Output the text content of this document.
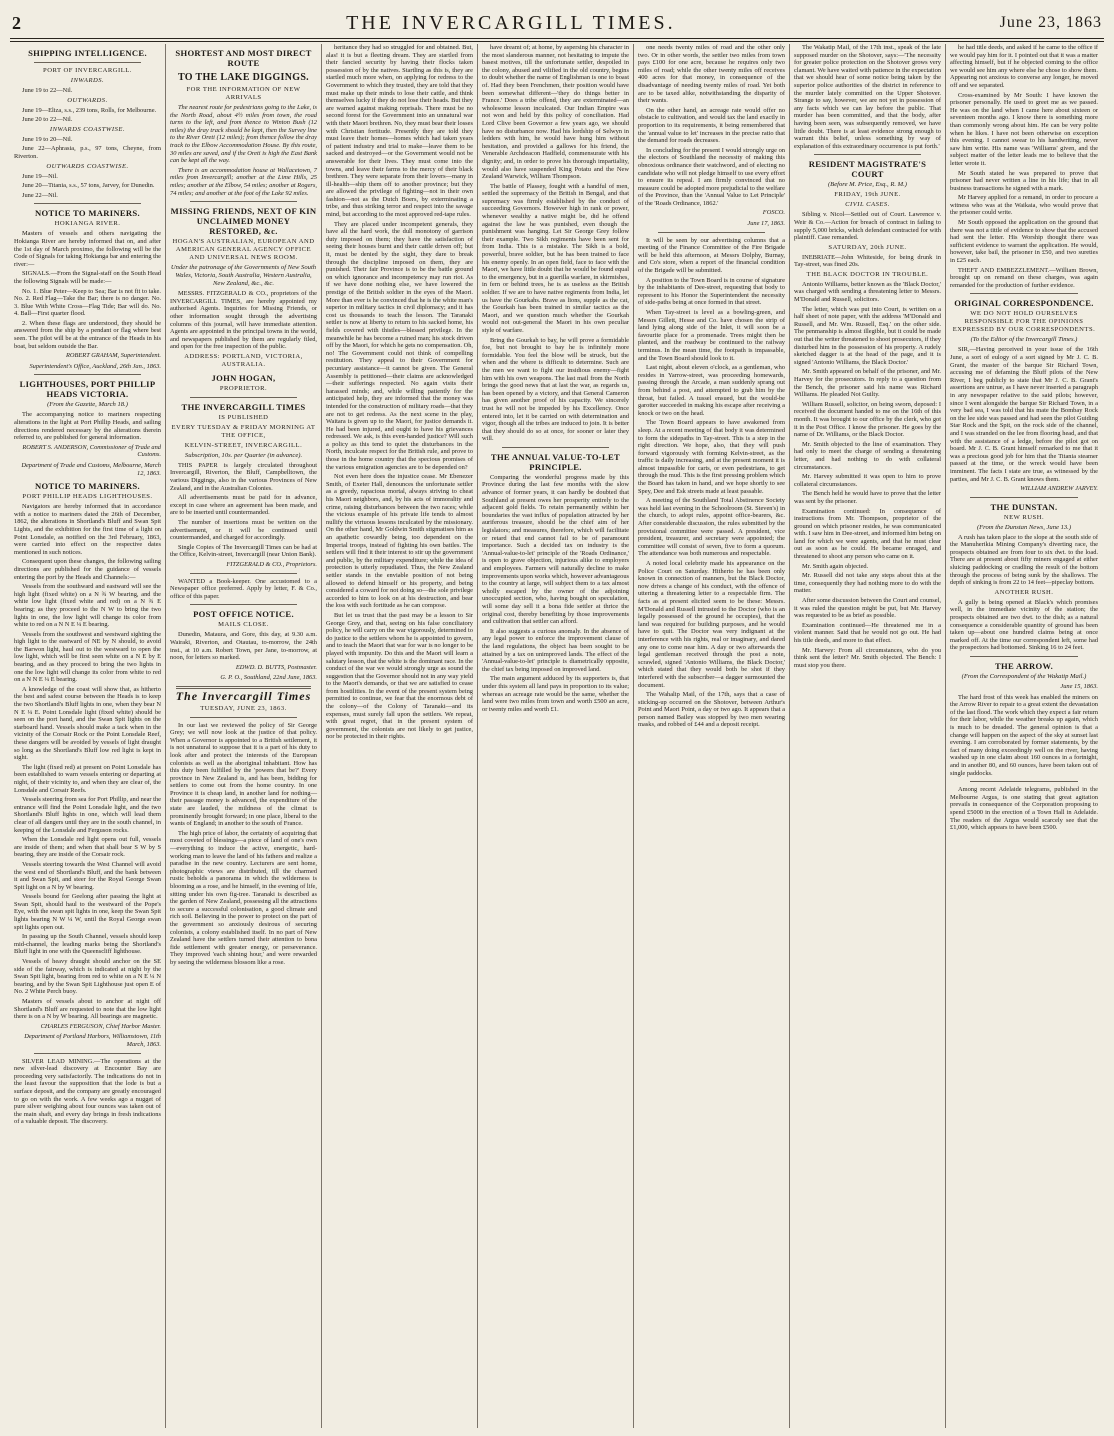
2	THE INVERCARGILL TIMES.	June 23, 1863
SHIPPING INTELLIGENCE.
PORT OF INVERCARGILL.
INWARDS.

June 19 to 22—Nil.

OUTWARDS.

June 19—Eliza, s.s., 239 tons, Rolls, for Melbourne.

June 20 to 22—Nil.

INWARDS COASTWISE.

June 19 to 20—Nil.

June 22—Aphrasia, p.s., 97 tons, Cheyne, from Riverton.

OUTWARDS COASTWISE.

June 19—Nil.

June 20—Titania, s.s., 57 tons, Jarvey, for Dunedin.

June 22—Nil.

NOTICE TO MARINERS.
HOKIANGA RIVER.

Masters of vessels and others navigating the Hokianga River are hereby informed that on, and after the 1st day of March proximo, the following will be the Code of Signals for taking Hokianga bar and entering the river:—

SIGNALS.—From the Signal-staff on the South Head the following Signals will be made:—

No. 1. Blue Peter—Keep to Sea; Bar is not fit to take. No. 2. Red Flag—Take the Bar; there is no danger. No. 3. Blue With White Cross—Flag Tide; Bar will do. No. 4. Ball—First quarter flood.

2. When these flags are understood, they should be answered from the ship by a pendant or flag where best seen. The pilot will be at the entrance of the Heads in his boat, but seldom outside the Bar.

ROBERT GRAHAM, Superintendent.
Superintendent's Office, Auckland, 26th Jan., 1863.
LIGHTHOUSES, PORT PHILLIP HEADS VICTORIA.
(From the Gazette, March 18.)

The accompanying notice to mariners respecting alterations in the light at Port Phillip Heads, and sailing directions rendered necessary by the alterations therein referred to, are published for general information.

ROBERT S. ANDERSON, Commissioner of Trade and Customs.
Department of Trade and Customs, Melbourne, March 12, 1863.
NOTICE TO MARINERS.
PORT PHILLIP HEADS LIGHTHOUSES.

Navigators are hereby informed that in accordance with a notice to mariners dated the 26th of December, 1862, the alterations in Shortland's Bluff and Swan Spit Lights, and the exhibition for the first time of a light on Point Lonsdale, as notified on the 3rd February, 1863, were carried into effect on the respective dates mentioned in such notices.

Consequent upon these changes, the following sailing directions are published for the guidance of vessels entering the port by the Heads and Channels:—

Vessels from the southward and eastward will see the high light (fixed white) on a N ¾ W bearing, and the white low light (fixed white and red) on a N ¾ E bearing; as they proceed to the N W to bring the two lights in one, the low light will change its color from white to red on a N N E ¼ E bearing.

Vessels from the southwest and westward sighting the high light to the eastward of NE by N should, to avoid the Barwon light, haul out to the westward to open the low light, which will be first seen white on a N E by E bearing, and as they proceed to bring the two lights in one the low light will change its color from white to red on a N N E ¼ E bearing.

A knowledge of the coast will show that, as hitherto the best and safest course between the Heads is to keep the two Shortland's Bluff lights in one, when they bear N N E ¼ E. Point Lonsdale light (fixed white) should be seen on the port hand, and the Swan Spit lights on the starboard hand. Vessels should make a tack when in the vicinity of the Corsair Rock or the Point Lonsdale Reef, these dangers will be avoided by vessels of light draught so long as the Shortland's Bluff low red light is kept in sight.

The light (fixed red) at present on Point Lonsdale has been established to warn vessels entering or departing at night, of their vicinity to, and when they are clear of, the Lonsdale and Corsair Reefs.

Vessels steering from sea for Port Phillip, and near the entrance will find the Point Lonsdale light, and the two Shortland's Bluff lights in one, which will lead them clear of all dangers until they are in the south channel, in keeping of the Lonsdale and Ferguson rocks.

When the Lonsdale red light opens out full, vessels are inside of them; and when that shall bear S W by S bearing, they are inside of the Corsair rock.

Vessels steering towards the West Channel will avoid the west end of Shortland's Bluff, and the bank between it and Swan Spit, and steer for the Royal George Swan Spit light on a N by W bearing.

Vessels bound for Geelong after passing the light at Swan Spit, should haul to the westward of the Pope's Eye, with the swan spit lights in one, keep the Swan Spit lights bearing N W ¼ W, until the Royal George swan spit lights open out.

In passing up the South Channel, vessels should keep mid-channel, the leading marks being the Shortland's Bluff light in one with the Queenscliff lighthouse.

Vessels of heavy draught should anchor on the SE side of the fairway, which is indicated at night by the Swan Spit light, bearing from red to white on a N E ¼ N bearing, and by the Swan Spit Lighthouse just open E of No. 2 White Perch buoy.

Masters of vessels about to anchor at night off Shortland's Bluff are requested to note that the low light there is on a N by W bearing. All bearings are magnetic.

CHARLES FERGUSON, Chief Harbor Master.
Department of Portland Harbors, Williamstown, 11th March, 1863.

SILVER LEAD MINING.—The operations at the new silver-lead discovery at Encounter Bay are proceeding very satisfactorily. The indications do not in the least favour the supposition that the lode is but a surface deposit, and the company are greatly encouraged to go on with the work. A few weeks ago a nugget of pure silver weighing about four ounces was taken out of the main shaft, and every day brings in fresh indications of a valuable deposit. The discovery.

SHORTEST AND MOST DIRECT ROUTE
TO THE LAKE DIGGINGS.
FOR THE INFORMATION OF NEW ARRIVALS

The nearest route for pedestrians going to the Lake, is the North Road, about 4½ miles from town, the road turns to the left, and from thence to Winton Bush (12 miles) the dray track should be kept, then the Survey line to the River Oreti (12 miles); from thence follow the dray track to the Elbow Accommodation House. By this route, 30 miles are saved, and if the Oreti is high the East Bank can be kept all the way.

There is an accommodation house at Wallacetown, 7 miles from Invercargill; another at the Lime Hills, 25 miles; another at the Elbow, 54 miles; another at Rogers, 74 miles; and another at the foot of the Lake 92 miles.

MISSING FRIENDS, NEXT OF KIN UNCLAIMED MONEY RESTORED, &c.
HOGAN'S AUSTRALIAN, EUROPEAN AND AMERICAN GENERAL AGENCY OFFICE AND UNIVERSAL NEWS ROOM.
Under the patronage of the Governments of New South Wales, Victoria, South Australia, Western Australia, New Zealand, &c., &c.

MESSRS. FITZGERALD & CO., proprietors of the INVERCARGILL TIMES, are hereby appointed my authorised Agents. Inquiries for Missing Friends, or other information sought through the advertising columns of this journal, will have immediate attention. Agents are appointed in the principal towns in the world, and newspapers published by them are regularly filed, and open for the free inspection of the public.

ADDRESS: PORTLAND, VICTORIA, AUSTRALIA.
JOHN HOGAN,
PROPRIETOR.
THE INVERCARGILL TIMES
IS PUBLISHED
EVERY TUESDAY & FRIDAY MORNING AT THE OFFICE,
KELVIN-STREET, INVERCARGILL.
Subscription, 10s. per Quarter (in advance).

THIS PAPER is largely circulated throughout Invercargill, Riverton, the Bluff, Campbelltown, the various Diggings, also in the various Provinces of New Zealand, and in the Australian Colonies.

All advertisements must be paid for in advance, except in case where an agreement has been made, and are to be inserted until countermanded.

The number of insertions must be written on the advertisement, or it will be continued until countermanded, and charged for accordingly.

Single Copies of The Invercargill Times can be had at the Office, Kelvin-street, Invercargill (near Union Bank).

FITZGERALD & CO., Proprietors.

WANTED a Book-keeper. One accustomed to a Newspaper office preferred. Apply by letter, F. & Co., office of this paper.

POST OFFICE NOTICE.
MAILS CLOSE.

Dunedin, Mataura, and Gore, this day, at 9.30 a.m. Wairaki, Riverton, and Otautau, to-morrow, the 24th inst., at 10 a.m. Robert Town, per Jane, to-morrow, at noon, for letters so marked.

EDWD. D. BUTTS, Postmaster.
G. P. O., Southland, 22nd June, 1863.
The Invercargill Times
TUESDAY, JUNE 23, 1863.

In our last we reviewed the policy of Sir George Grey; we will now look at the justice of that policy. When a Governor is appointed to a British settlement, it is not unnatural to suppose that it is a part of his duty to look after and protect the interests of the European colonists as well as the aboriginal inhabitant. How has this duty been fulfilled by the 'powers that be?' Every province in New Zealand is, and has been, bidding for settlers to come out from the home country. In one Province it is cheap land, in another land for nothing—their passage money is advanced, the expenditure of the state are lauded, the mildness of the climat is prominently brought forward; in one place, liberal to the wants of England; in another to the south of France.

The high price of labor, the certainty of acquiring that most coveted of blessings—a piece of land of one's own—everything to induce the active, energetic, hard-working man to leave the land of his fathers and realize a paradise in the new country. Lecturers are sent home, photographic views are distributed, till the charmed rustic beholds a panorama in which the wilderness is blooming as a rose, and he himself, in the evening of life, sitting under his own fig-tree. Taranaki is described as the garden of New Zealand, possessing all the attractions to secure a successful colonisation, a good climate and rich soil. Believing in the power to protect on the part of the government so anxiously desirous of securing colonists, a colony established itself. In no part of New Zealand have the settlers turned their attention to bona fide settlement with greater energy, or perseverance. They improved 'each shining hour,' and were rewarded by seeing the wilderness blossom like a rose.

heritance they had so struggled for and obtained. But, alas! it is but a fleeting dream. They are startled from their fancied security by having their flocks taken possession of by the natives. Startling as this is, they are startled much more when, on applying for redress to the Government to which they trusted, they are told that they must make up their minds to lose their cattle, and think themselves lucky if they do not lose their heads. But they are warned against making reprisals. There must be no second forest for the Government into an unnatural war with their Maori brethren. No, they must bear their losses with Christian fortitude. Presently they are told they must leave their homes—homes which had taken years of patient industry and trial to make—leave them to be sacked and destroyed—or the Government would not be answerable for their lives. They must come into the towns, and leave their farms to the mercy of their black brethren. They were separate from their lovers—many in ill-health—ship them off to another province; but they are allowed the privilege of fighting—not in their own fashion—not as the Dutch Boers, by exterminating a tribe, and thus striking terror and respect into the savage mind, but according to the most approved red-tape rules.

They are placed under incompetent generals, they have all the hard work, the dull monotony of garrison duty imposed on them; they have the satisfaction of seeing their houses burnt and their cattle driven off; but it, must be denied by the sight, they dare to break through the discipline imposed on them, they are punished. Their fair Province is to be the battle ground on which ignorance and incompetency may run riot. As if we have done nothing else, we have lowered the prestige of the British soldier in the eyes of the Maori. More than ever is he convinced that he is the white man's superior in military tactics in civil diplomacy; and it has cost us thousands to teach the lesson. The Taranaki settler is now at liberty to return to his sacked home, his fields covered with thistles—blessed privilege. In the meanwhile he has become a ruined man; his stock driven off by the Maori, for which he gets no compensation. Oh, no! The Government could not think of compelling restitution. They appeal to their Government for pecuniary assistance—it cannot be given. The General Assembly is petitioned—their claims are acknowledged—their sufferings respected. No again visits their harassed minds; and, while willing patiently for the anticipated help, they are informed that the money was intended for the construction of military roads—that they are not to get redress. As the next scene in the play, Waitara is given up to the Maori, for justice demands it. He had been injured, and ought to have his grievances redressed. We ask, is this even-handed justice? Will such a policy as this tend to quiet the disturbances in the North, inculcate respect for the British rule, and prove to those in the home country that the specious promises of the various emigration agencies are to be depended on?

Not even here does the injustice cease. Mr Ebenezer Smith, of Exeter Hall, denounces the unfortunate settler as a greedy, rapacious mortal, always striving to cheat his Maori neighbors, and, by his acts of immorality and crime, raising disturbances between the two races; while the vicious example of his private life tends to almost nullify the virtuous lessons inculcated by the missionary. On the other hand, Mr Goldwin Smith stigmatises him as an apathetic cowardly being, too dependent on the Imperial troops, instead of fighting his own battles. The settlers will find it their interest to stir up the government and public, by the military expenditure; while the idea of protection is utterly repudiated. Thus, the New Zealand settler stands in the enviable position of not being allowed to defend himself or his property, and being considered a coward for not doing so—the sole privilege accorded to him to look on at his destruction, and bear the loss with such fortitude as he can compose.

But let us trust that the past may be a lesson to Sir George Grey, and that, seeing on his false conciliatory policy, he will carry on the war vigorously, determined to do justice to the settlers whom he is appointed to govern, and to teach the Maori that war for war is no longer to be played with impunity. Do this and the Maori will learn a salutary lesson, that the white is the dominant race. In the conduct of the war we would strongly urge as sound the suggestion that the Governor should not in any way yield to the Maori's demands, or that we are satisfied to cease from hostilities. In the event of the present system being permitted to continue, we fear that the enormous debt of the colony—of the Colony of Taranaki—and its expenses, must surely fall upon the settlers. We repeat, with great regret, that in the present system of government, the colonists are not likely to get justice, nor be protected in their rights.

have dreamt of; at home, by aspersing his character in the most slanderous manner, not hesitating to impute the basest motives, till the unfortunate settler, despoiled in the colony, abused and vilified in the old country, begins to doubt whether the name of Englishman is one to boast of. Had they been Frenchmen, their position would have been somewhat different—'they do things better in France.' Does a tribe offend, they are exterminated—an wholesome lesson inculcated. Our Indian Empire was not won and held by this policy of conciliation. Had Lord Clive been Governor a few years ago, we should have no disturbance now. Had his lordship of Selwyn in ledders with him, he would have hung him without hesitation, and provided a gallows for his friend, the Venerable Archdeacon Hadfield, commensurate with his dignity; and, in order to prove his thorough impartiality, would also have suspended King Potatu and the New Zealand Warwick, William Thompson.

The battle of Plassey, fought with a handful of men, settled the supremacy of the British in Bengal, and that supremacy was firmly established by the conduct of succeeding Governors. However high in rank or power, whenever wealthy a native might be, did he offend against the law he was punished, even though the punishment was hanging. Let Sir George Grey follow their example. Two Sikh regiments have been sent for from India. This is a mistake. The Sikh is a bold, powerful, brave soldier, but he has been trained to face his enemy openly. In an open field, face to face with the Maori, we have little doubt that he would be found equal to the emergency, but in a guerilla warfare, in skirmishes, in fern or behind trees, he is as useless as the British soldier. If we are to have native regiments from India, let us have the Gourkahs. Brave as lions, supple as the cat, the Gourkah has been trained in similar tactics as the Maori, and we question much whether the Gourkah would not out-general the Maori in his own peculiar style of warfare.

Bring the Gourkah to bay, he will prove a formidable foe, but not brought to bay he is infinitely more formidable. You feel the blow will be struck, but the when and the where is difficult to determine. Such are the men we want to fight our insidious enemy—fight him with his own weapons. The last mail from the North brings the good news that at last the war, as regards us, has been opened by a victory, and that General Cameron has given another proof of his capacity. We sincerely trust he will not be impeded by his Excellency. Once entered into, let it be carried on with determination and vigor, though all the tribes are induced to join. It is better that they should do so at once, for sooner or later they will.

THE ANNUAL VALUE-TO-LET PRINCIPLE.

Comparing the wonderful progress made by this Province during the last few months with the slow advance of former years, it can hardly be doubted that Southland at present owes her prosperity entirely to the adjacent gold fields. To retain permanently within her boundaries the vast influx of population attracted by her auriferous treasure, should be the chief aim of her legislators; and measures, therefore, which will facilitate or retard that end cannot fail to be of paramount importance. Such a decided tax on industry is the 'Annual-value-to-let' principle of the 'Roads Ordinance,' is open to grave objection, injurious alike to employers and employees. Farmers will naturally decline to make improvements upon works which, however advantageous to the country at large, will subject them to a tax almost wholly escaped by the owner of the adjoining unoccupied section, who, having bought on speculation, will some day sell it a bona fide settler at thrice the original cost, thereby benefiting by those improvements and cultivation that settler can afford.

It also suggests a curious anomaly. In the absence of any legal power to enforce the improvement clause of the land regulations, the object has been sought to be attained by a tax on unimproved lands. The effect of the 'Annual-value-to-let' principle is diametrically opposite, the chief tax being imposed on improved land.

The main argument adduced by its supporters is, that under this system all land pays in proportion to its value; whereas an acreage rate would be the same, whether the land were two miles from town and worth £500 an acre, or twenty miles and worth £1.

one needs twenty miles of road and the other only two. Or in other words, the settler two miles from town pays £100 for one acre, because he requires only two miles of road; while the other twenty miles off receives 400 acres for that money, in consequence of the disadvantage of needing twenty miles of road. Yet both are to be taxed alike, notwithstanding the disparity of their wants.

On the other hand, an acreage rate would offer no obstacle to cultivation, and would tax the land exactly in proportion to its requirements, it being remembered that the 'annual value to let' increases in the precise ratio that the demand for roads decreases.

In concluding for the present I would strongly urge on the electors of Southland the necessity of making this obnoxious ordinance their watchword, and of electing no candidate who will not pledge himself to use every effort to ensure its repeal. I am firmly convinced that no measure could be adopted more prejudicial to the welfare of the Province, than the 'Annual Value to Let Principle' of the 'Roads Ordinance, 1862.'

FOSCO.
June 17, 1863.

It will be seen by our advertising columns that a meeting of the Finance Committee of the Fire Brigade will be held this afternoon, at Messrs Dolphy, Burnay, and Co's store, when a report of the financial condition of the Brigade will be submitted.

A position to the Town Board is in course of signature by the inhabitants of Dee-street, requesting that body to represent to his Honor the Superintendent the necessity of side-paths being at once formed in that street.

When Tay-street is level as a bowling-green, and Messrs Gillett, Hesse and Co. have chosen the strip of land lying along side of the Inlet, it will soon be a favourite place for a promenade. Trees might then be planted, and the roadway be continued to the railway terminus. In the mean time, the footpath is impassable, and the Town Board should look to it.

Last night, about eleven o'clock, as a gentleman, who resides in Yarrow-street, was proceeding homewards, passing through the Arcade, a man suddenly sprang out from behind a post, and attempted to grab him by the throat, but failed. A tussel ensued, but the would-be garotter succeeded in making his escape after receiving a knock or two on the head.

The Town Board appears to have awakened from sleep. At a recent meeting of that body it was determined to form the sidepaths in Tay-street. This is a step in the right direction. We hope, also, that they will push forward vigorously with forming Kelvin-street, as the traffic is daily increasing, and at the present moment it is almost impassible for carts, or even pedestrians, to get through the mud. This is the first pressing problem which the Board has taken in hand, and we hope shortly to see Spey, Dee and Esk streets made at least passable.

A meeting of the Southland Total Abstinence Society was held last evening in the Schoolroom (St. Steven's) in the church, to adopt rules, appoint office-bearers, &c. After considerable discussion, the rules submitted by the provisional committee were passed. A president, vice president, treasurer, and secretary were appointed; the committee will consist of seven, five to form a quorum. The attendance was both numerous and respectable.

A noted local celebrity made his appearance on the Police Court on Saturday. Hitherto he has been only known in connection of manners, but the Black Doctor, now drives a change of his conduct, with the offence of uttering a threatening letter to a respectable firm. The facts as at present elicited seem to be these: Messrs. M'Donald and Russell intrusted to the Doctor (who is an legally possessed of the ground he occupies), that the land was required for building purposes, and he would have to quit. The Doctor was very indignant at the interference with his rights, real or imaginary, and dared any one to come near him. A day or two afterwards the legal gentleman received through the post a note, scrawled, signed 'Antonio Williams, the Black Doctor,' which stated that they would both be shot if they interfered with the subscriber—a dagger surmounted the document.

The Wahalip Mail, of the 17th, says that a case of sticking-up occurred on the Shotover, between Arthur's Point and Maori Point, a day or two ago. It appears that a person named Bailey was stopped by two men wearing masks, and robbed of £44 and a deposit receipt.

The Wakatip Mail, of the 17th inst., speak of the late supposed murder on the Shotover, says:—'The necessity for greater police protection on the Shotover grows very clamant. We have waited with patience in the expectation that we should hear of some notice being taken by the superior police authorities of the district in reference to the murder lately committed on the Upper Shotover. Strange to say, however, we are not yet in possession of any facts which we can lay before the public. That murder has been committed, and that the body, after having been seen, was subsequently removed, we have little doubt. There is at least evidence strong enough to warrant this belief, unless something by way of explanation of this extraordinary occurrence is put forth.'

RESIDENT MAGISTRATE'S COURT
(Before M. Price, Esq., R. M.)
FRIDAY, 19th JUNE.
CIVIL CASES.

Sibling v. Nicol—Settled out of Court. Lawrence v. Weir & Co.—Action for breach of contract in failing to supply 5,000 bricks, which defendant contracted for with plaintiff. Case remanded.

SATURDAY, 20th JUNE.

INEBRIATE—John Whiteside, for being drunk in Tay-street, was fined 20s.

THE BLACK DOCTOR IN TROUBLE.

Antonio Williams, better known as the 'Black Doctor,' was charged with sending a threatening letter to Messrs. M'Donald and Russell, solicitors.

The letter, which was put into Court, is written on a half sheet of note paper, with the address 'M'Donald and Russell, and Mr. Wm. Russell, Esq.' on the other side. The penmanship is almost illegible, but it could be made out that the writer threatened to shoot prosecutors, if they disturbed him in the possession of his property. A rudely sketched dagger is at the head of the page, and it is signed 'Antonio Williams, the Black Doctor.'

Mr. Smith appeared on behalf of the prisoner, and Mr. Harvey for the prosecutors. In reply to a question from the Bench, the prisoner said his name was Richard Williams. He pleaded Not Guilty.

William Russell, solicitor, on being sworn, deposed: I received the document handed to me on the 16th of this month. It was brought to our office by the clerk, who got it in the Post Office. I know the prisoner. He goes by the name of Dr. Williams, or the Black Doctor.

Mr. Smith objected to the line of examination. They had only to meet the charge of sending a threatening letter, and had nothing to do with collateral circumstances.

Mr. Harvey submitted it was open to him to prove collateral circumstances.

The Bench held he would have to prove that the letter was sent by the prisoner.

Examination continued: In consequence of instructions from Mr. Thompson, proprietor of the ground on which prisoner resides, he was communicated with. I saw him in Dee-street, and informed him being on land for which we were agents, and that he must clear out as soon as he could. He became enraged, and threatened to shoot any person who came on it.

Mr. Smith again objected.

Mr. Russell did not take any steps about this at the time, consequently they had nothing more to do with the matter.

After some discussion between the Court and counsel, it was ruled the question might be put, but Mr. Harvey was requested to be as brief as possible.

Examination continued—He threatened me in a violent manner. Said that he would not go out. He had his title deeds, and more to that effect.

Mr. Harvey: From all circumstances, who do you think sent the letter? Mr. Smith objected. The Bench: I must stop you there.

he had title deeds, and asked if he came to the office if we would pay him for it. I pointed out that it was a matter affecting himself, but if he objected coming to the office we would see him any where else he chose to show them. Appearing not anxious to converse any longer, he moved off and we separated.

Cross-examined by Mr South: I have known the prisoner personally. He used to greet me as we passed. He was on the land when I came here about sixteen or seventeen months ago. I know there is something more than commonly wrong about him. He can be very polite when he likes. I have not been otherwise on exception this evening. I cannot swear to his handwriting, never saw him write. His name was 'Williams' given, and the subject matter of the letter leads me to believe that the letter wrote it.

Mr South stated he was prepared to prove that prisoner had never written a line in his life; that in all business transactions he signed with a mark.

Mr Harvey applied for a remand, in order to procure a witness who was at the Waikaia, who would prove that the prisoner could write.

Mr South opposed the application on the ground that there was not a tittle of evidence to show that the accused had sent the letter. His Worship thought there was sufficient evidence to warrant the application. He would, however, take bail, the prisoner in £50, and two sureties in £25 each.

THEFT AND EMBEZZLEMENT.—William Brown, brought up on remand on these charges, was again remanded for the production of further evidence.

ORIGINAL CORRESPONDENCE.
WE DO NOT HOLD OURSELVES RESPONSIBLE FOR THE OPINIONS EXPRESSED BY OUR CORRESPONDENTS.
(To the Editor of the Invercargill Times.)

SIR,—Having perceived in your issue of the 16th June, a sort of eulogy of a sort signed by Mr J. C. B. Grant, the master of the barque Sir Richard Town, accusing me of defaming the Bluff pilots of the New River, I beg publicly to state that Mr J. C. B. Grant's assertions are untrue, as I have never inserted a paragraph in any newspaper relative to the said pilots; however, since I went alongside the barque Sir Richard Town, in a very bad sea, I was told that his mate the Bombay Rock on the lee side was passed and had seen the pilot Guiding Star Rock and the Spit, on the rock side of the channel, and I was stranded on the lee from flooring head, and that with the assistance of a ledge, before the pilot got on board. Mr J. C. B. Grant himself remarked to me that it was a precious good job for him that the Titania steamer passed at the time, or the wreck would have been imminent. The facts I state are true, as witnessed by the parties, and Mr J. C. B. Grant knows them.

WILLIAM ANDREW JARVEY.
THE DUNSTAN.
NEW RUSH.
(From the Dunstan News, June 13.)

A rush has taken place to the slope at the south side of the Manuherikia Mining Company's diverting race, the prospects obtained are from four to six dwt. to the load. There are at present about fifty miners engaged at either sluicing paddocking or cradling the result of the bottom through the process of being sunk by the shallows. The depth of sinking is from 22 to 14 feet—pipeclay bottom.

ANOTHER RUSH.

A gully is being opened at Black's which promises well, in the immediate vicinity of the station; the prospects obtained are two dwt. to the dish; as a natural consequence a considerable quantity of ground has been taken up—about one hundred claims being at once marked off. At the time our correspondent left, some had the prospectors had bottomed. Sinking 16 to 24 feet.

THE ARROW.
(From the Correspondent of the Wakatip Mail.)
June 15, 1863.

The hard frost of this week has enabled the miners on the Arrow River to repair to a great extent the devastation of the last flood. The work which they expect a fair return for their labor, while the weather breaks up again, which is much to be dreaded. The general opinion is that a change will happen on the aspect of the sky at sunset last evening. I am corroborated by former statements, by the fact of many doing exceedingly well on the river, having washed up in one claim about 160 ounces in a fortnight, and in another 80, and 60 ounces, have been taken out of single paddocks.

Among recent Adelaide telegrams, published in the Melbourne Argus, is one stating that great agitation prevails in consequence of the Corporation proposing to spend £5000 in the erection of a Town Hall in Adelaide. The readers of the Argus would scarcely see that the £1,000, which appears to have been £500.
